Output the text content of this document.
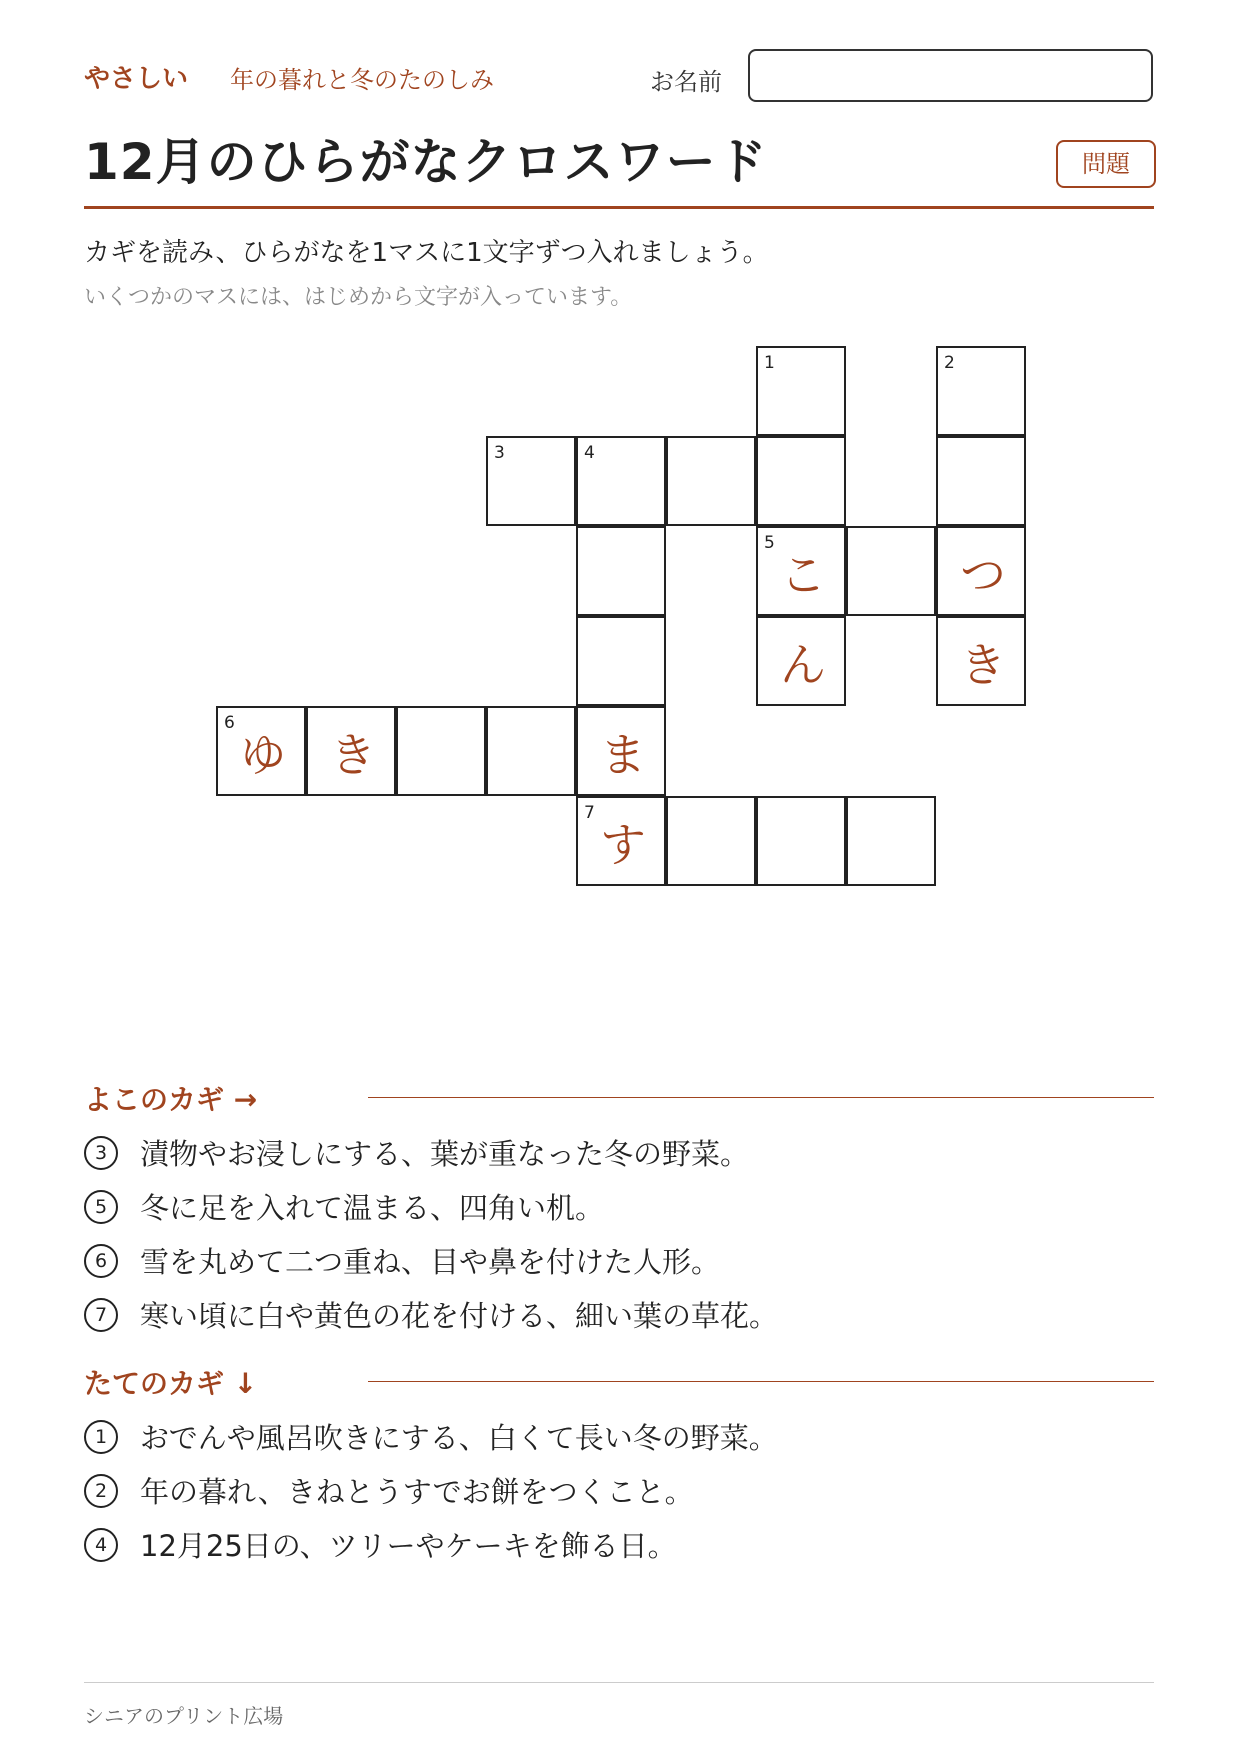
やさしい 年の暮れと冬のたのしみ	お名前
12月のひらがなクロスワード	問題
カギを読み、ひらがなを1マスに1文字ずつ入れましょう。
いくつかのマスには、はじめから文字が入っています。
1	2
3	4
5
こ	つ
ん	き
6
ゆ き	ま
7
す
よこのカギ →
3	漬物やお浸しにする、葉が重なった冬の野菜。
5	冬に足を入れて温まる、四角い机。
6	雪を丸めて二つ重ね、目や鼻を付けた人形。
7	寒い頃に白や黄色の花を付ける、細い葉の草花。
たてのカギ ↓
1	おでんや風呂吹きにする、白くて長い冬の野菜。
2	年の暮れ、きねとうすでお餅をつくこと。
4	12月25日の、ツリーやケーキを飾る日。
シニアのプリント広場
